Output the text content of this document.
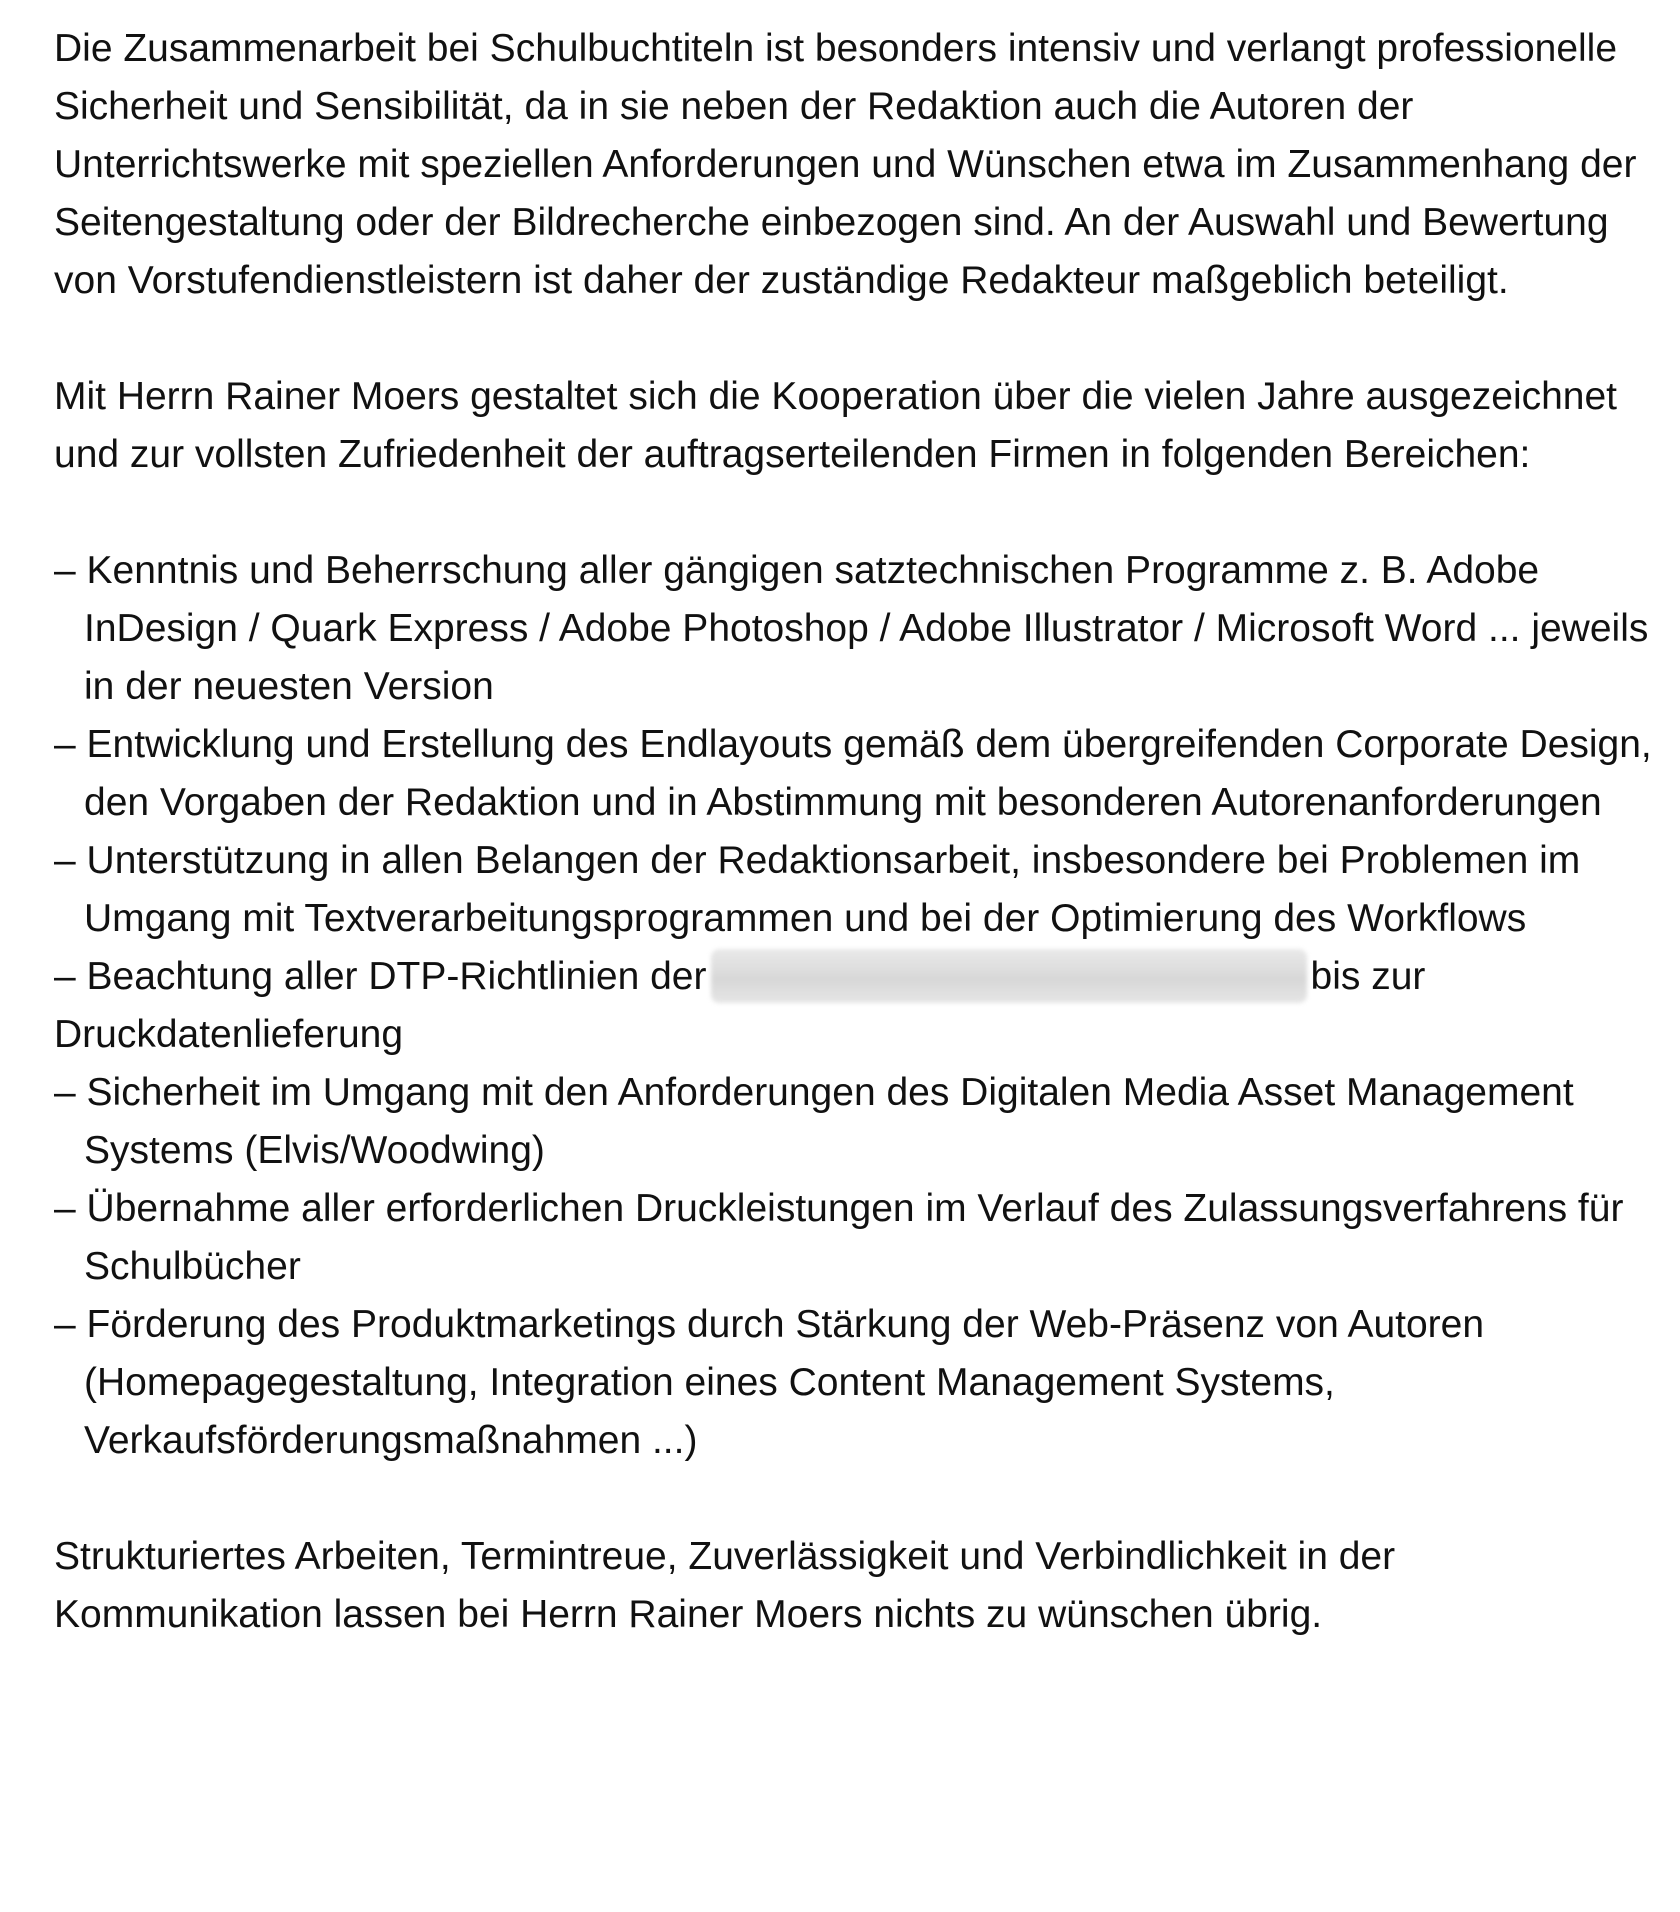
Die Zusammenarbeit bei Schulbuchtiteln ist besonders intensiv und verlangt professionelle Sicherheit und Sensibilität, da in sie neben der Redaktion auch die Autoren der Unterrichtswerke mit speziellen Anforderungen und Wünschen etwa im Zusammenhang der Seitengestaltung oder der Bildrecherche einbezogen sind. An der Auswahl und Bewertung von Vorstufendienstleistern ist daher der zuständige Redakteur maßgeblich beteiligt.

Mit Herrn Rainer Moers gestaltet sich die Kooperation über die vielen Jahre ausgezeichnet und zur vollsten Zufriedenheit der auftragserteilenden Firmen in folgenden Bereichen:

– Kenntnis und Beherrschung aller gängigen satztechnischen Programme z. B. Adobe InDesign / Quark Express / Adobe Photoshop / Adobe Illustrator / Microsoft Word ... jeweils in der neuesten Version
– Entwicklung und Erstellung des Endlayouts gemäß dem übergreifenden Corporate Design, den Vorgaben der Redaktion und in Abstimmung mit besonderen Autorenanforderungen
– Unterstützung in allen Belangen der Redaktionsarbeit, insbesondere bei Problemen im Umgang mit Textverarbeitungsprogrammen und bei der Optimierung des Workflows
– Beachtung aller DTP-Richtlinien der	bis zur Druckdatenlieferung
– Sicherheit im Umgang mit den Anforderungen des Digitalen Media Asset Management Systems (Elvis/Woodwing)
– Übernahme aller erforderlichen Druckleistungen im Verlauf des Zulassungsverfahrens für Schulbücher
– Förderung des Produktmarketings durch Stärkung der Web-Präsenz von Autoren (Homepagegestaltung, Integration eines Content Management Systems, Verkaufsförderungsmaßnahmen ...)

Strukturiertes Arbeiten, Termintreue, Zuverlässigkeit und Verbindlichkeit in der Kommunikation lassen bei Herrn Rainer Moers nichts zu wünschen übrig.
